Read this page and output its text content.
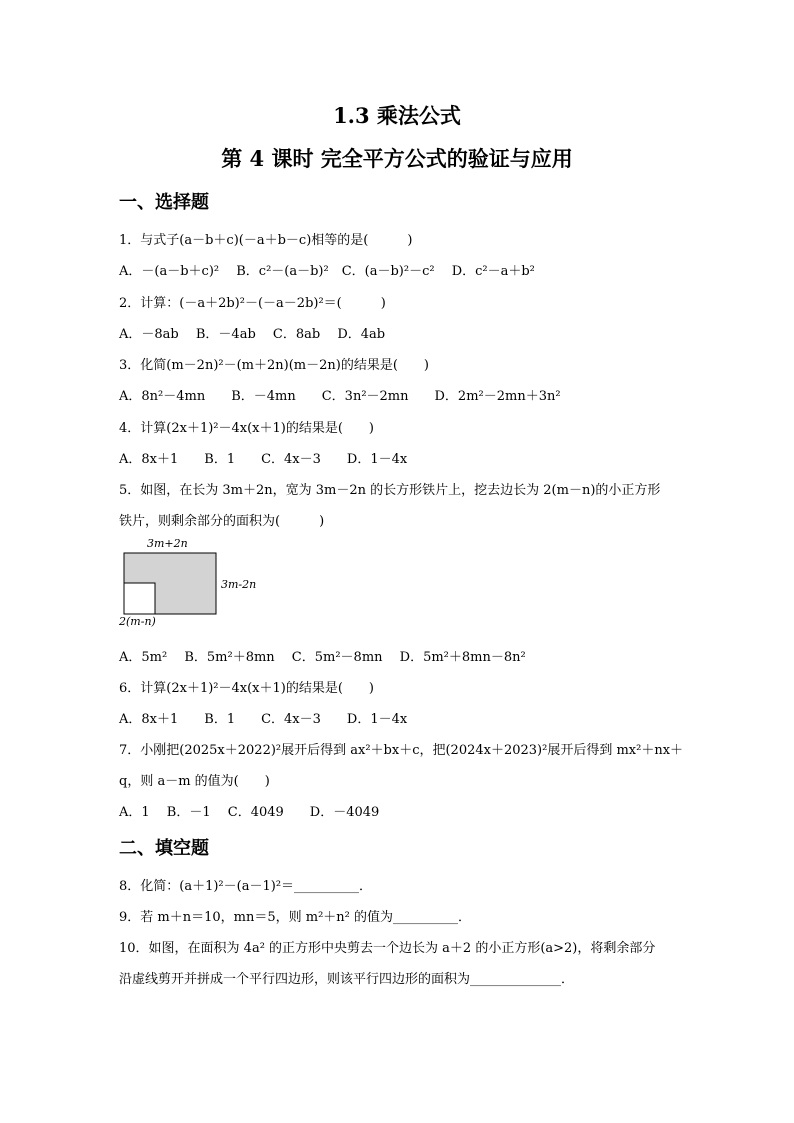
1.3 乘法公式
第 4 课时 完全平方公式的验证与应用
一、选择题
1．与式子(a－b＋c)(－a＋b－c)相等的是(　　　)
A．－(a－b＋c)²　 B．c²－(a－b)²　C．(a－b)²－c²　 D．c²－a＋b²
2．计算：(－a＋2b)²－(－a－2b)²＝(　　　)
A．－8ab　 B．－4ab　 C．8ab　 D．4ab
3．化简(m－2n)²－(m＋2n)(m－2n)的结果是(　　)
A．8n²－4mn　　B．－4mn　　C．3n²－2mn　　D．2m²－2mn＋3n²
4．计算(2x＋1)²－4x(x＋1)的结果是(　　)
A．8x＋1　　B．1　　C．4x－3　　D．1－4x
5．如图，在长为 3m＋2n，宽为 3m－2n 的长方形铁片上，挖去边长为 2(m－n)的小正方形
铁片，则剩余部分的面积为(　　　)
3m+2n
3m-2n
2(m-n)
A．5m²　 B．5m²＋8mn　 C．5m²－8mn　 D．5m²＋8mn－8n²
6．计算(2x＋1)²－4x(x＋1)的结果是(　　)
A．8x＋1　　B．1　　C．4x－3　　D．1－4x
7．小刚把(2025x＋2022)²展开后得到 ax²＋bx＋c，把(2024x＋2023)²展开后得到 mx²＋nx＋
q，则 a－m 的值为(　　)
A．1　 B．－1　 C．4049　　D．－4049
二、填空题
8．化简：(a＋1)²－(a－1)²＝__________．
9．若 m＋n＝10，mn＝5，则 m²＋n² 的值为__________．
10．如图，在面积为 4a² 的正方形中央剪去一个边长为 a＋2 的小正方形(a>2)，将剩余部分
沿虚线剪开并拼成一个平行四边形，则该平行四边形的面积为______________．
